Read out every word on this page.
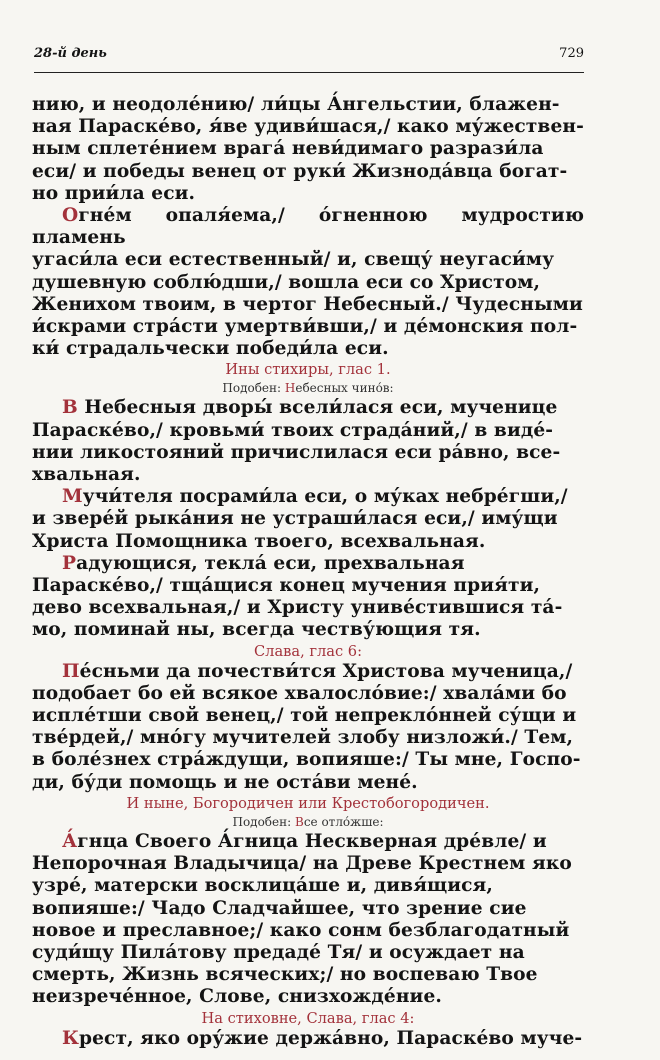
28-й день	729

нию, и неодоле́нию/ ли́цы А́нгельстии, блажен-
ная Параске́во, я́ве удиви́шася,/ како му́жествен-
ным сплете́нием врага́ неви́димаго разрази́ла
еси/ и победы венец от руки́ Жизнода́вца богат-
но прии́ла еси.

Огне́м опаля́ема,/ о́гненною мудростию пламень
угаси́ла еси естественный/ и, свещу́ неугаси́му
душевную соблю́дши,/ вошла еси со Христом,
Женихом твоим, в чертог Небесный./ Чудесными
и́скрами стра́сти умертви́вши,/ и де́монския пол-
ки́ страдальчески победи́ла еси.

Ины стихиры, глас 1.

Подобен: Небесных чино́в:

В Небесныя дворы́ всели́лася еси, мученице
Параске́во,/ кровьми́ твоих страда́ний,/ в виде́-
нии ликостояний причислилася еси ра́вно, все-
хвальная.

Мучи́теля посрами́ла еси, о му́ках небре́гши,/
и звере́й рыка́ния не устраши́лася еси,/ иму́щи
Христа Помощника твоего, всехвальная.

Радующися, текла́ еси, прехвальная
Параске́во,/ тща́щися конец мучения прия́ти,
дево всехвальная,/ и Христу униве́стившися та́-
мо, поминай ны, всегда честву́ющия тя.

Слава, глас 6:

Пе́сньми да почестви́тся Христова мученица,/
подобает бо ей всякое хвалосло́вие:/ хвала́ми бо
испле́тши свой венец,/ той непрекло́нней су́щи и
тве́рдей,/ мно́гу мучителей злобу низложи́./ Тем,
в боле́знех стра́ждущи, вопияше:/ Ты мне, Госпо-
ди, бу́ди помощь и не оста́ви мене́.

И ныне, Богородичен или Крестобогородичен.

Подобен: Все отло́жше:

А́гнца Своего А́гница Нескверная дре́вле/ и
Непорочная Владычица/ на Древе Крестнем яко
узре́, матерски восклица́ше и, дивя́щися,
вопияше:/ Чадо Сладчайшее, что зрение сие
новое и преславное;/ како сонм безблагодатный
суди́щу Пила́тову предаде́ Тя/ и осуждает на
смерть, Жизнь всяческих;/ но воспеваю Твое
неизрече́нное, Слове, снизхожде́ние.

На стиховне, Слава, глас 4:

Крест, яко ору́жие держа́вно, Параске́во муче-
